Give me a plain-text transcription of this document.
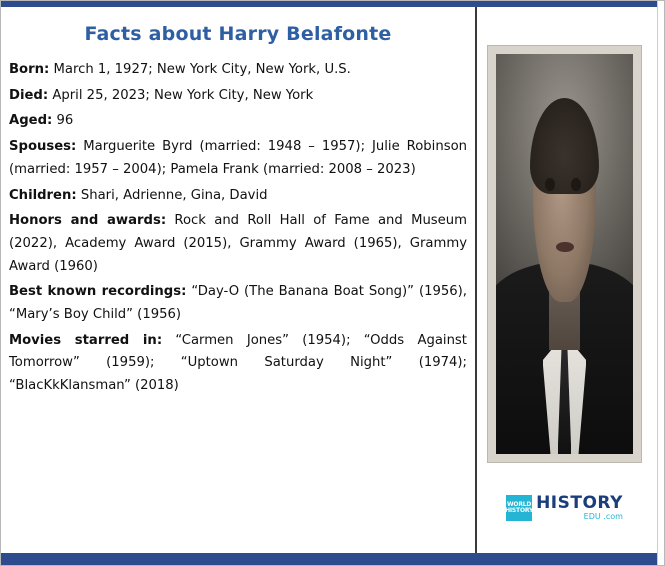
Facts about Harry Belafonte

Born: March 1, 1927; New York City, New York, U.S.

Died: April 25, 2023; New York City, New York

Aged: 96

Spouses: Marguerite Byrd (married: 1948 – 1957); Julie Robinson (married: 1957 – 2004); Pamela Frank (married: 2008 – 2023)

Children: Shari, Adrienne, Gina, David

Honors and awards: Rock and Roll Hall of Fame and Museum (2022), Academy Award (2015), Grammy Award (1965), Grammy Award (1960)

Best known recordings: “Day-O (The Banana Boat Song)” (1956), “Mary’s Boy Child” (1956)

Movies starred in: “Carmen Jones” (1954); “Odds Against Tomorrow” (1959); “Uptown Saturday Night” (1974); “BlacKkKlansman” (2018)

WORLD HISTORY HISTORY
EDU .com
